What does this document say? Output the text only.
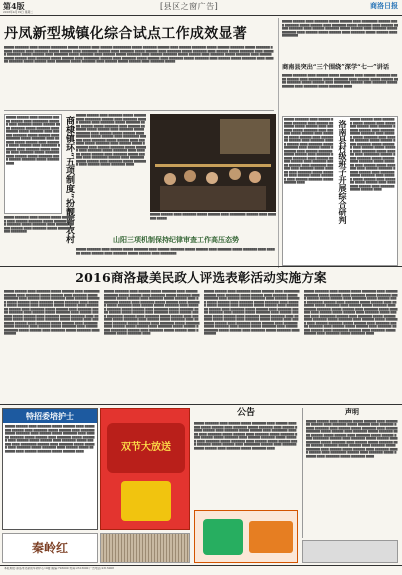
第4版
2016年4月19日 星期二
[县区之窗广告]	商洛日报
丹凤新型城镇化综合试点工作成效显著
▇▇▇▇▇ ▇▇▇▇▇▇▇ ▇▇▇▇ ▇▇▇▇▇▇ ▇▇▇▇▇▇▇▇ ▇▇▇▇▇ ▇▇▇▇▇▇ ▇▇▇▇ ▇▇▇▇▇▇ ▇▇▇▇▇▇▇▇▇ ▇▇▇▇▇ ▇▇▇▇▇▇▇ ▇▇▇▇▇▇ ▇▇▇▇ ▇▇▇▇▇▇ ▇▇▇▇▇▇▇ ▇▇▇▇▇ ▇▇▇▇▇▇ ▇▇▇▇▇▇▇ ▇▇▇▇▇ ▇▇▇▇▇▇▇ ▇▇▇▇▇ ▇▇▇▇▇▇ ▇▇▇▇ ▇▇▇▇▇▇▇ ▇▇▇▇▇ ▇▇▇▇▇▇ ▇▇▇▇ ▇▇▇▇▇▇▇▇ ▇▇▇▇▇▇ ▇▇▇▇ ▇▇▇▇▇▇▇ ▇▇▇▇▇ ▇▇▇▇▇▇ ▇▇▇▇ ▇▇▇▇▇▇▇ ▇▇▇▇▇ ▇▇▇▇▇▇▇ ▇▇▇▇ ▇▇▇▇▇▇ ▇▇▇▇▇ ▇▇▇▇▇▇▇ ▇▇▇▇ ▇▇▇▇▇▇ ▇▇▇▇▇▇▇ ▇▇▇▇▇ ▇▇▇▇▇▇ ▇▇▇▇ ▇▇▇▇▇▇▇ ▇▇▇▇▇ ▇▇▇▇▇▇▇ ▇▇▇▇ ▇▇▇▇▇▇ ▇▇▇▇▇ ▇▇▇▇▇▇▇ ▇▇▇▇ ▇▇▇▇▇▇ ▇▇▇▇▇▇▇ ▇▇▇▇▇ ▇▇▇▇▇▇ ▇▇▇▇ ▇▇▇▇▇▇▇ ▇▇▇▇▇ ▇▇▇▇▇▇▇ ▇▇▇▇ ▇▇▇▇▇▇ ▇▇▇▇▇ ▇▇▇▇▇▇ ▇▇▇▇ ▇▇▇▇▇▇▇ ▇▇▇▇▇ ▇▇▇▇▇▇ ▇▇▇▇ ▇▇▇▇▇▇▇▇ ▇▇▇▇▇▇ ▇▇▇▇ ▇▇▇▇▇▇▇ ▇▇▇▇▇ ▇▇▇▇▇▇ ▇▇▇▇ ▇▇▇▇▇▇▇ ▇▇▇▇▇ ▇▇▇▇▇▇▇ ▇▇▇▇ ▇▇▇▇▇▇ ▇▇▇▇▇ ▇▇▇▇▇▇▇ ▇▇▇▇ ▇▇▇▇▇▇ ▇▇▇▇▇▇▇ ▇▇▇▇▇ ▇▇▇▇▇▇ ▇▇▇▇ ▇▇▇▇▇▇▇ ▇▇▇▇▇ ▇▇▇▇▇▇▇ ▇▇▇▇ ▇▇▇▇▇▇ ▇▇▇▇▇ ▇▇▇▇▇▇ ▇▇▇▇ ▇▇▇▇▇▇▇ ▇▇▇▇▇
▇▇▇▇▇ ▇▇▇▇▇▇ ▇▇▇▇ ▇▇▇▇▇▇▇ ▇▇▇▇▇ ▇▇▇▇▇▇ ▇▇▇▇ ▇▇▇▇▇▇▇▇ ▇▇▇▇▇▇ ▇▇▇▇ ▇▇▇▇▇▇▇ ▇▇▇▇▇ ▇▇▇▇▇▇ ▇▇▇▇ ▇▇▇▇▇▇▇ ▇▇▇▇▇ ▇▇▇▇▇▇▇ ▇▇▇▇ ▇▇▇▇▇▇ ▇▇▇▇▇ ▇▇▇▇▇▇▇ ▇▇▇▇ ▇▇▇▇▇▇ ▇▇▇▇▇▇▇ ▇▇▇▇▇ ▇▇▇▇▇▇ ▇▇▇▇ ▇▇▇▇▇▇▇ ▇▇▇▇▇ ▇▇▇▇▇▇▇ ▇▇▇▇ ▇▇▇▇▇▇ ▇▇▇▇▇ ▇▇▇▇▇▇ ▇▇▇▇ ▇▇▇▇▇▇▇ ▇▇▇▇▇ ▇▇▇▇▇▇ ▇▇▇▇ ▇▇▇▇▇▇▇▇
商南县突出“三个围绕”深学“七一”讲话
▇▇▇▇▇ ▇▇▇▇▇▇▇ ▇▇▇▇ ▇▇▇▇▇▇ ▇▇▇▇▇ ▇▇▇▇▇▇▇ ▇▇▇▇ ▇▇▇▇▇▇ ▇▇▇▇▇▇▇ ▇▇▇▇▇ ▇▇▇▇▇▇ ▇▇▇▇ ▇▇▇▇▇▇▇ ▇▇▇▇▇ ▇▇▇▇▇▇▇ ▇▇▇▇ ▇▇▇▇▇▇ ▇▇▇▇▇ ▇▇▇▇▇▇ ▇▇▇▇ ▇▇▇▇▇▇▇ ▇▇▇▇▇ ▇▇▇▇▇▇ ▇▇▇▇ ▇▇▇▇▇▇▇▇ ▇▇▇▇▇▇ ▇▇▇▇ ▇▇▇▇▇▇▇ ▇▇▇▇▇ ▇▇▇▇▇▇ ▇▇▇▇ ▇▇▇▇▇▇▇ ▇▇▇▇▇ ▇▇▇▇▇▇▇ ▇▇▇▇
商棣镇环“五项制度”扮靓新农村
▇▇▇▇▇ ▇▇▇▇▇▇ ▇▇▇▇ ▇▇▇▇▇▇▇ ▇▇▇▇▇ ▇▇▇▇▇▇ ▇▇▇▇ ▇▇▇▇▇▇▇▇ ▇▇▇▇▇▇ ▇▇▇▇ ▇▇▇▇▇▇▇ ▇▇▇▇▇ ▇▇▇▇▇▇ ▇▇▇▇ ▇▇▇▇▇▇▇ ▇▇▇▇▇ ▇▇▇▇▇▇▇ ▇▇▇▇ ▇▇▇▇▇▇ ▇▇▇▇▇ ▇▇▇▇▇▇▇ ▇▇▇▇ ▇▇▇▇▇▇ ▇▇▇▇▇▇▇ ▇▇▇▇▇ ▇▇▇▇▇▇ ▇▇▇▇ ▇▇▇▇▇▇▇ ▇▇▇▇▇ ▇▇▇▇▇▇▇ ▇▇▇▇ ▇▇▇▇▇▇ ▇▇▇▇▇ ▇▇▇▇▇▇ ▇▇▇▇ ▇▇▇▇▇▇▇ ▇▇▇▇▇ ▇▇▇▇▇▇ ▇▇▇▇ ▇▇▇▇▇▇▇▇ ▇▇▇▇▇▇ ▇▇▇▇ ▇▇▇▇▇▇▇ ▇▇▇▇▇ ▇▇▇▇▇▇ ▇▇▇▇ ▇▇▇▇▇▇▇ ▇▇▇▇▇ ▇▇▇▇▇▇▇ ▇▇▇▇ ▇▇▇▇▇▇ ▇▇▇▇▇ ▇▇▇▇▇▇▇ ▇▇▇▇ ▇▇▇▇▇▇ ▇▇▇▇▇▇▇ ▇▇▇▇▇ ▇▇▇▇▇▇ ▇▇▇▇
▇▇▇▇▇ ▇▇▇▇▇▇▇ ▇▇▇▇ ▇▇▇▇▇▇ ▇▇▇▇▇ ▇▇▇▇▇▇▇ ▇▇▇▇ ▇▇▇▇▇▇ ▇▇▇▇▇▇▇ ▇▇▇▇▇ ▇▇▇▇▇▇ ▇▇▇▇ ▇▇▇▇▇▇▇ ▇▇▇▇▇ ▇▇▇▇▇▇▇ ▇▇▇▇ ▇▇▇▇▇▇ ▇▇▇▇▇ ▇▇▇▇▇▇ ▇▇▇▇ ▇▇▇▇▇▇▇ ▇▇▇▇▇ ▇▇▇▇▇▇ ▇▇▇▇ ▇▇▇▇▇▇▇▇
▇▇▇▇▇ ▇▇▇▇▇▇ ▇▇▇▇ ▇▇▇▇▇▇▇ ▇▇▇▇▇ ▇▇▇▇▇▇ ▇▇▇▇ ▇▇▇▇▇▇▇▇ ▇▇▇▇▇▇ ▇▇▇▇ ▇▇▇▇▇▇▇ ▇▇▇▇▇ ▇▇▇▇▇▇ ▇▇▇▇ ▇▇▇▇▇▇▇ ▇▇▇▇▇ ▇▇▇▇▇▇▇ ▇▇▇▇ ▇▇▇▇▇▇ ▇▇▇▇▇ ▇▇▇▇▇▇▇ ▇▇▇▇ ▇▇▇▇▇▇ ▇▇▇▇▇▇▇ ▇▇▇▇▇ ▇▇▇▇▇▇ ▇▇▇▇ ▇▇▇▇▇▇▇ ▇▇▇▇▇ ▇▇▇▇▇▇▇ ▇▇▇▇ ▇▇▇▇▇▇ ▇▇▇▇▇ ▇▇▇▇▇▇ ▇▇▇▇ ▇▇▇▇▇▇▇ ▇▇▇▇▇ ▇▇▇▇▇▇ ▇▇▇▇ ▇▇▇▇▇▇▇▇ ▇▇▇▇▇▇ ▇▇▇▇ ▇▇▇▇▇▇▇ ▇▇▇▇▇ ▇▇▇▇▇▇ ▇▇▇▇ ▇▇▇▇▇▇▇ ▇▇▇▇▇ ▇▇▇▇▇▇▇ ▇▇▇▇ ▇▇▇▇▇▇ ▇▇▇▇▇ ▇▇▇▇▇▇▇ ▇▇▇▇ ▇▇▇▇▇▇ ▇▇▇▇▇▇▇ ▇▇▇▇▇ ▇▇▇▇▇▇ ▇▇▇▇ ▇▇▇▇▇▇▇ ▇▇▇▇▇ ▇▇▇▇▇▇▇ ▇▇▇▇ ▇▇▇▇▇▇ ▇▇▇▇▇ ▇▇▇▇▇▇ ▇▇▇▇ ▇▇▇▇▇▇▇ ▇▇▇▇▇ ▇▇▇▇▇▇ ▇▇▇▇ ▇▇▇▇▇▇▇▇ ▇▇▇▇▇▇ ▇▇▇▇ ▇▇▇▇▇▇▇ ▇▇▇▇▇ ▇▇▇▇▇▇ ▇▇▇▇ ▇▇▇▇▇▇▇ ▇▇▇▇▇ ▇▇▇▇▇▇▇ ▇▇▇▇ ▇▇▇▇▇▇ ▇▇▇▇▇ ▇▇▇▇▇▇▇ ▇▇▇▇
▇▇▇▇▇ ▇▇▇▇▇▇ ▇▇▇▇ ▇▇▇▇▇▇▇ ▇▇▇▇▇ ▇▇▇▇▇▇ ▇▇▇▇ ▇▇▇▇▇▇▇▇ ▇▇▇▇▇▇ ▇▇▇▇ ▇▇▇▇▇▇▇ ▇▇▇▇▇
▇▇▇▇▇ ▇▇▇▇▇▇▇ ▇▇▇▇ ▇▇▇▇▇▇ ▇▇▇▇▇ ▇▇▇▇▇▇▇ ▇▇▇▇ ▇▇▇▇▇▇ ▇▇▇▇▇▇▇ ▇▇▇▇▇ ▇▇▇▇▇▇ ▇▇▇▇ ▇▇▇▇▇▇▇ ▇▇▇▇▇ ▇▇▇▇▇▇▇ ▇▇▇▇ ▇▇▇▇▇▇ ▇▇▇▇▇ ▇▇▇▇▇▇ ▇▇▇▇ ▇▇▇▇▇▇▇ ▇▇▇▇▇ ▇▇▇▇▇▇ ▇▇▇▇ ▇▇▇▇▇▇▇▇ ▇▇▇▇▇▇ ▇▇▇▇ ▇▇▇▇▇▇▇ ▇▇▇▇▇ ▇▇▇▇▇▇ ▇▇▇▇ ▇▇▇▇▇▇▇ ▇▇▇▇▇ ▇▇▇▇▇▇▇ ▇▇▇▇ ▇▇▇▇▇▇ ▇▇▇▇▇ ▇▇▇▇▇▇▇ ▇▇▇▇ ▇▇▇▇▇▇ ▇▇▇▇▇▇▇ ▇▇▇▇▇ ▇▇▇▇▇▇ ▇▇▇▇ ▇▇▇▇▇▇▇ ▇▇▇▇▇ ▇▇▇▇▇▇▇ ▇▇▇▇ ▇▇▇▇▇▇ ▇▇▇▇▇ ▇▇▇▇▇▇ ▇▇▇▇ ▇▇▇▇▇▇▇ ▇▇▇▇▇ ▇▇▇▇▇▇ ▇▇▇▇ ▇▇▇▇▇▇▇▇ ▇▇▇▇▇▇ ▇▇▇▇ ▇▇▇▇▇▇▇ ▇▇▇▇▇ ▇▇▇▇▇▇ ▇▇▇▇ ▇▇▇▇▇▇▇ ▇▇▇▇▇ ▇▇▇▇▇▇▇ ▇▇▇▇ ▇▇▇▇▇▇ ▇▇▇▇▇ ▇▇▇▇▇▇▇ ▇▇▇▇ ▇▇▇▇▇▇ ▇▇▇▇▇▇▇ ▇▇▇▇▇ ▇▇▇▇▇▇ ▇▇▇▇	洛南县村级班子开展综合研判
▇▇▇▇▇ ▇▇▇▇▇▇ ▇▇▇▇ ▇▇▇▇▇▇▇ ▇▇▇▇▇ ▇▇▇▇▇▇ ▇▇▇▇ ▇▇▇▇▇▇▇▇ ▇▇▇▇▇▇ ▇▇▇▇ ▇▇▇▇▇▇▇ ▇▇▇▇▇ ▇▇▇▇▇▇ ▇▇▇▇ ▇▇▇▇▇▇▇ ▇▇▇▇▇ ▇▇▇▇▇▇▇ ▇▇▇▇ ▇▇▇▇▇▇ ▇▇▇▇▇ ▇▇▇▇▇▇▇ ▇▇▇▇ ▇▇▇▇▇▇ ▇▇▇▇▇▇▇ ▇▇▇▇▇ ▇▇▇▇▇▇ ▇▇▇▇ ▇▇▇▇▇▇▇ ▇▇▇▇▇ ▇▇▇▇▇▇▇ ▇▇▇▇ ▇▇▇▇▇▇ ▇▇▇▇▇ ▇▇▇▇▇▇ ▇▇▇▇ ▇▇▇▇▇▇▇ ▇▇▇▇▇ ▇▇▇▇▇▇ ▇▇▇▇ ▇▇▇▇▇▇▇▇ ▇▇▇▇▇▇ ▇▇▇▇ ▇▇▇▇▇▇▇ ▇▇▇▇▇ ▇▇▇▇▇▇ ▇▇▇▇ ▇▇▇▇▇▇▇ ▇▇▇▇▇ ▇▇▇▇▇▇▇ ▇▇▇▇ ▇▇▇▇▇▇ ▇▇▇▇▇ ▇▇▇▇▇▇▇ ▇▇▇▇ ▇▇▇▇▇▇ ▇▇▇▇▇▇▇ ▇▇▇▇▇ ▇▇▇▇▇▇ ▇▇▇▇ ▇▇▇▇▇▇▇ ▇▇▇▇▇ ▇▇▇▇▇▇▇ ▇▇▇▇ ▇▇▇▇▇▇ ▇▇▇▇▇ ▇▇▇▇▇▇ ▇▇▇▇ ▇▇▇▇▇▇▇ ▇▇▇▇▇ ▇▇▇▇▇▇ ▇▇▇▇ ▇▇▇▇▇▇▇▇ ▇▇▇▇▇▇ ▇▇▇▇ ▇▇▇▇▇▇▇ ▇▇▇▇▇ ▇▇▇▇▇▇ ▇▇▇▇
山阳三项机制保持纪律审查工作高压态势
▇▇▇▇▇ ▇▇▇▇▇▇▇ ▇▇▇▇ ▇▇▇▇▇▇ ▇▇▇▇▇ ▇▇▇▇▇▇▇ ▇▇▇▇ ▇▇▇▇▇▇ ▇▇▇▇▇▇▇ ▇▇▇▇▇ ▇▇▇▇▇▇ ▇▇▇▇ ▇▇▇▇▇▇▇ ▇▇▇▇▇ ▇▇▇▇▇▇▇ ▇▇▇▇ ▇▇▇▇▇▇ ▇▇▇▇▇ ▇▇▇▇▇▇ ▇▇▇▇ ▇▇▇▇▇▇▇ ▇▇▇▇▇ ▇▇▇▇▇▇ ▇▇▇▇ ▇▇▇▇▇▇▇▇
2016商洛最美民政人评选表彰活动实施方案
▇▇▇▇▇ ▇▇▇▇▇▇ ▇▇▇▇ ▇▇▇▇▇▇▇ ▇▇▇▇▇ ▇▇▇▇▇▇ ▇▇▇▇ ▇▇▇▇▇▇▇▇ ▇▇▇▇▇▇ ▇▇▇▇ ▇▇▇▇▇▇▇ ▇▇▇▇▇ ▇▇▇▇▇▇ ▇▇▇▇ ▇▇▇▇▇▇▇ ▇▇▇▇▇ ▇▇▇▇▇▇▇ ▇▇▇▇ ▇▇▇▇▇▇ ▇▇▇▇▇ ▇▇▇▇▇▇▇ ▇▇▇▇ ▇▇▇▇▇▇ ▇▇▇▇▇▇▇ ▇▇▇▇▇ ▇▇▇▇▇▇ ▇▇▇▇ ▇▇▇▇▇▇▇ ▇▇▇▇▇ ▇▇▇▇▇▇▇ ▇▇▇▇ ▇▇▇▇▇▇ ▇▇▇▇▇ ▇▇▇▇▇▇ ▇▇▇▇ ▇▇▇▇▇▇▇ ▇▇▇▇▇ ▇▇▇▇▇▇ ▇▇▇▇ ▇▇▇▇▇▇▇▇ ▇▇▇▇▇▇ ▇▇▇▇ ▇▇▇▇▇▇▇ ▇▇▇▇▇ ▇▇▇▇▇▇ ▇▇▇▇ ▇▇▇▇▇▇▇ ▇▇▇▇▇ ▇▇▇▇▇▇▇ ▇▇▇▇ ▇▇▇▇▇▇ ▇▇▇▇▇ ▇▇▇▇▇▇▇ ▇▇▇▇ ▇▇▇▇▇▇ ▇▇▇▇▇▇▇ ▇▇▇▇▇ ▇▇▇▇▇▇ ▇▇▇▇ ▇▇▇▇▇▇▇ ▇▇▇▇▇ ▇▇▇▇▇▇▇ ▇▇▇▇ ▇▇▇▇▇▇ ▇▇▇▇▇ ▇▇▇▇▇▇ ▇▇▇▇ ▇▇▇▇▇▇▇ ▇▇▇▇▇ ▇▇▇▇▇▇ ▇▇▇▇ ▇▇▇▇▇▇▇▇ ▇▇▇▇▇▇ ▇▇▇▇ ▇▇▇▇▇▇▇ ▇▇▇▇▇ ▇▇▇▇▇▇ ▇▇▇▇ ▇▇▇▇▇▇▇ ▇▇▇▇▇ ▇▇▇▇▇▇▇ ▇▇▇▇ ▇▇▇▇▇▇ ▇▇▇▇▇ ▇▇▇▇▇▇▇ ▇▇▇▇ ▇▇▇▇▇▇ ▇▇▇▇▇▇▇ ▇▇▇▇▇ ▇▇▇▇▇▇ ▇▇▇▇ ▇▇▇▇▇▇▇ ▇▇▇▇▇ ▇▇▇▇▇▇▇ ▇▇▇▇ ▇▇▇▇▇▇
▇▇▇▇▇ ▇▇▇▇▇▇▇ ▇▇▇▇ ▇▇▇▇▇▇ ▇▇▇▇▇ ▇▇▇▇▇▇▇ ▇▇▇▇ ▇▇▇▇▇▇ ▇▇▇▇▇▇▇ ▇▇▇▇▇ ▇▇▇▇▇▇ ▇▇▇▇ ▇▇▇▇▇▇▇ ▇▇▇▇▇ ▇▇▇▇▇▇▇ ▇▇▇▇ ▇▇▇▇▇▇ ▇▇▇▇▇ ▇▇▇▇▇▇ ▇▇▇▇ ▇▇▇▇▇▇▇ ▇▇▇▇▇ ▇▇▇▇▇▇ ▇▇▇▇ ▇▇▇▇▇▇▇▇ ▇▇▇▇▇▇ ▇▇▇▇ ▇▇▇▇▇▇▇ ▇▇▇▇▇ ▇▇▇▇▇▇ ▇▇▇▇ ▇▇▇▇▇▇▇ ▇▇▇▇▇ ▇▇▇▇▇▇▇ ▇▇▇▇ ▇▇▇▇▇▇ ▇▇▇▇▇ ▇▇▇▇▇▇▇ ▇▇▇▇ ▇▇▇▇▇▇ ▇▇▇▇▇▇▇ ▇▇▇▇▇ ▇▇▇▇▇▇ ▇▇▇▇ ▇▇▇▇▇▇▇ ▇▇▇▇▇ ▇▇▇▇▇▇▇ ▇▇▇▇ ▇▇▇▇▇▇ ▇▇▇▇▇ ▇▇▇▇▇▇ ▇▇▇▇ ▇▇▇▇▇▇▇ ▇▇▇▇▇ ▇▇▇▇▇▇ ▇▇▇▇ ▇▇▇▇▇▇▇▇ ▇▇▇▇▇▇ ▇▇▇▇ ▇▇▇▇▇▇▇ ▇▇▇▇▇ ▇▇▇▇▇▇ ▇▇▇▇ ▇▇▇▇▇▇▇ ▇▇▇▇▇ ▇▇▇▇▇▇▇ ▇▇▇▇ ▇▇▇▇▇▇ ▇▇▇▇▇ ▇▇▇▇▇▇▇ ▇▇▇▇ ▇▇▇▇▇▇ ▇▇▇▇▇▇▇ ▇▇▇▇▇ ▇▇▇▇▇▇ ▇▇▇▇ ▇▇▇▇▇▇▇ ▇▇▇▇▇ ▇▇▇▇▇▇▇ ▇▇▇▇ ▇▇▇▇▇▇ ▇▇▇▇▇ ▇▇▇▇▇▇ ▇▇▇▇ ▇▇▇▇▇▇▇ ▇▇▇▇▇ ▇▇▇▇▇▇ ▇▇▇▇ ▇▇▇▇▇▇▇▇ ▇▇▇▇▇▇ ▇▇▇▇ ▇▇▇▇▇▇▇ ▇▇▇▇▇ ▇▇▇▇▇▇ ▇▇▇▇ ▇▇▇▇▇▇▇ ▇▇▇▇▇ ▇▇▇▇▇▇▇ ▇▇▇▇
▇▇▇▇▇ ▇▇▇▇▇▇ ▇▇▇▇ ▇▇▇▇▇▇▇ ▇▇▇▇▇ ▇▇▇▇▇▇ ▇▇▇▇ ▇▇▇▇▇▇▇▇ ▇▇▇▇▇▇ ▇▇▇▇ ▇▇▇▇▇▇▇ ▇▇▇▇▇ ▇▇▇▇▇▇ ▇▇▇▇ ▇▇▇▇▇▇▇ ▇▇▇▇▇ ▇▇▇▇▇▇▇ ▇▇▇▇ ▇▇▇▇▇▇ ▇▇▇▇▇ ▇▇▇▇▇▇▇ ▇▇▇▇ ▇▇▇▇▇▇ ▇▇▇▇▇▇▇ ▇▇▇▇▇ ▇▇▇▇▇▇ ▇▇▇▇ ▇▇▇▇▇▇▇ ▇▇▇▇▇ ▇▇▇▇▇▇▇ ▇▇▇▇ ▇▇▇▇▇▇ ▇▇▇▇▇ ▇▇▇▇▇▇ ▇▇▇▇ ▇▇▇▇▇▇▇ ▇▇▇▇▇ ▇▇▇▇▇▇ ▇▇▇▇ ▇▇▇▇▇▇▇▇ ▇▇▇▇▇▇ ▇▇▇▇ ▇▇▇▇▇▇▇ ▇▇▇▇▇ ▇▇▇▇▇▇ ▇▇▇▇ ▇▇▇▇▇▇▇ ▇▇▇▇▇ ▇▇▇▇▇▇▇ ▇▇▇▇ ▇▇▇▇▇▇ ▇▇▇▇▇ ▇▇▇▇▇▇▇ ▇▇▇▇ ▇▇▇▇▇▇ ▇▇▇▇▇▇▇ ▇▇▇▇▇ ▇▇▇▇▇▇ ▇▇▇▇ ▇▇▇▇▇▇▇ ▇▇▇▇▇ ▇▇▇▇▇▇▇ ▇▇▇▇ ▇▇▇▇▇▇ ▇▇▇▇▇ ▇▇▇▇▇▇ ▇▇▇▇ ▇▇▇▇▇▇▇ ▇▇▇▇▇ ▇▇▇▇▇▇ ▇▇▇▇ ▇▇▇▇▇▇▇▇ ▇▇▇▇▇▇ ▇▇▇▇ ▇▇▇▇▇▇▇ ▇▇▇▇▇ ▇▇▇▇▇▇ ▇▇▇▇ ▇▇▇▇▇▇▇ ▇▇▇▇▇ ▇▇▇▇▇▇▇ ▇▇▇▇ ▇▇▇▇▇▇ ▇▇▇▇▇ ▇▇▇▇▇▇▇ ▇▇▇▇ ▇▇▇▇▇▇ ▇▇▇▇▇▇▇ ▇▇▇▇▇ ▇▇▇▇▇▇ ▇▇▇▇ ▇▇▇▇▇▇▇ ▇▇▇▇▇ ▇▇▇▇▇▇▇ ▇▇▇▇ ▇▇▇▇▇▇
▇▇▇▇▇ ▇▇▇▇▇▇▇ ▇▇▇▇ ▇▇▇▇▇▇ ▇▇▇▇▇ ▇▇▇▇▇▇▇ ▇▇▇▇ ▇▇▇▇▇▇ ▇▇▇▇▇▇▇ ▇▇▇▇▇ ▇▇▇▇▇▇ ▇▇▇▇ ▇▇▇▇▇▇▇ ▇▇▇▇▇ ▇▇▇▇▇▇▇ ▇▇▇▇ ▇▇▇▇▇▇ ▇▇▇▇▇ ▇▇▇▇▇▇ ▇▇▇▇ ▇▇▇▇▇▇▇ ▇▇▇▇▇ ▇▇▇▇▇▇ ▇▇▇▇ ▇▇▇▇▇▇▇▇ ▇▇▇▇▇▇ ▇▇▇▇ ▇▇▇▇▇▇▇ ▇▇▇▇▇ ▇▇▇▇▇▇ ▇▇▇▇ ▇▇▇▇▇▇▇ ▇▇▇▇▇ ▇▇▇▇▇▇▇ ▇▇▇▇ ▇▇▇▇▇▇ ▇▇▇▇▇ ▇▇▇▇▇▇▇ ▇▇▇▇ ▇▇▇▇▇▇ ▇▇▇▇▇▇▇ ▇▇▇▇▇ ▇▇▇▇▇▇ ▇▇▇▇ ▇▇▇▇▇▇▇ ▇▇▇▇▇ ▇▇▇▇▇▇▇ ▇▇▇▇ ▇▇▇▇▇▇ ▇▇▇▇▇ ▇▇▇▇▇▇ ▇▇▇▇ ▇▇▇▇▇▇▇ ▇▇▇▇▇ ▇▇▇▇▇▇ ▇▇▇▇ ▇▇▇▇▇▇▇▇ ▇▇▇▇▇▇ ▇▇▇▇ ▇▇▇▇▇▇▇ ▇▇▇▇▇ ▇▇▇▇▇▇ ▇▇▇▇ ▇▇▇▇▇▇▇ ▇▇▇▇▇ ▇▇▇▇▇▇▇ ▇▇▇▇ ▇▇▇▇▇▇ ▇▇▇▇▇ ▇▇▇▇▇▇▇ ▇▇▇▇ ▇▇▇▇▇▇ ▇▇▇▇▇▇▇ ▇▇▇▇▇ ▇▇▇▇▇▇ ▇▇▇▇ ▇▇▇▇▇▇▇ ▇▇▇▇▇ ▇▇▇▇▇▇▇ ▇▇▇▇ ▇▇▇▇▇▇ ▇▇▇▇▇ ▇▇▇▇▇▇ ▇▇▇▇ ▇▇▇▇▇▇▇ ▇▇▇▇▇ ▇▇▇▇▇▇ ▇▇▇▇ ▇▇▇▇▇▇▇▇ ▇▇▇▇▇▇ ▇▇▇▇ ▇▇▇▇▇▇▇ ▇▇▇▇▇ ▇▇▇▇▇▇ ▇▇▇▇ ▇▇▇▇▇▇▇ ▇▇▇▇▇ ▇▇▇▇▇▇▇ ▇▇▇▇
特招委培护士
▇▇▇▇▇ ▇▇▇▇▇▇ ▇▇▇▇ ▇▇▇▇▇▇▇ ▇▇▇▇▇ ▇▇▇▇▇▇ ▇▇▇▇ ▇▇▇▇▇▇▇▇ ▇▇▇▇▇▇ ▇▇▇▇ ▇▇▇▇▇▇▇ ▇▇▇▇▇ ▇▇▇▇▇▇ ▇▇▇▇ ▇▇▇▇▇▇▇ ▇▇▇▇▇ ▇▇▇▇▇▇▇ ▇▇▇▇ ▇▇▇▇▇▇ ▇▇▇▇▇ ▇▇▇▇▇▇▇ ▇▇▇▇ ▇▇▇▇▇▇ ▇▇▇▇▇▇▇ ▇▇▇▇▇ ▇▇▇▇▇▇ ▇▇▇▇ ▇▇▇▇▇▇▇ ▇▇▇▇▇ ▇▇▇▇▇▇▇ ▇▇▇▇ ▇▇▇▇▇▇ ▇▇▇▇▇ ▇▇▇▇▇▇ ▇▇▇▇ ▇▇▇▇▇▇▇ ▇▇▇▇▇ ▇▇▇▇▇▇ ▇▇▇▇ ▇▇▇▇▇▇▇▇ ▇▇▇▇▇▇ ▇▇▇▇ ▇▇▇▇▇▇▇ ▇▇▇▇▇ ▇▇▇▇▇▇ ▇▇▇▇ ▇▇▇▇▇▇▇ ▇▇▇▇▇ ▇▇▇▇▇▇▇ ▇▇▇▇ ▇▇▇▇▇▇ ▇▇▇▇▇ ▇▇▇▇▇▇▇ ▇▇▇▇ ▇▇▇▇▇▇ ▇▇▇▇▇▇▇ ▇▇▇▇▇ ▇▇▇▇▇▇ ▇▇▇▇	双节大放送
公告
▇▇▇▇▇ ▇▇▇▇▇▇▇ ▇▇▇▇ ▇▇▇▇▇▇ ▇▇▇▇▇ ▇▇▇▇▇▇▇ ▇▇▇▇ ▇▇▇▇▇▇ ▇▇▇▇▇▇▇ ▇▇▇▇▇ ▇▇▇▇▇▇ ▇▇▇▇ ▇▇▇▇▇▇▇ ▇▇▇▇▇ ▇▇▇▇▇▇▇ ▇▇▇▇ ▇▇▇▇▇▇ ▇▇▇▇▇ ▇▇▇▇▇▇ ▇▇▇▇ ▇▇▇▇▇▇▇ ▇▇▇▇▇ ▇▇▇▇▇▇ ▇▇▇▇ ▇▇▇▇▇▇▇▇ ▇▇▇▇▇▇ ▇▇▇▇ ▇▇▇▇▇▇▇ ▇▇▇▇▇ ▇▇▇▇▇▇ ▇▇▇▇ ▇▇▇▇▇▇▇ ▇▇▇▇▇ ▇▇▇▇▇▇▇ ▇▇▇▇ ▇▇▇▇▇▇ ▇▇▇▇▇ ▇▇▇▇▇▇▇ ▇▇▇▇ ▇▇▇▇▇▇ ▇▇▇▇▇▇▇ ▇▇▇▇▇ ▇▇▇▇▇▇ ▇▇▇▇ ▇▇▇▇▇▇▇ ▇▇▇▇▇ ▇▇▇▇▇▇▇ ▇▇▇▇ ▇▇▇▇▇▇ ▇▇▇▇▇ ▇▇▇▇▇▇ ▇▇▇▇ ▇▇▇▇▇▇▇ ▇▇▇▇▇ ▇▇▇▇▇▇ ▇▇▇▇ ▇▇▇▇▇▇▇▇ ▇▇▇▇▇▇ ▇▇▇▇ ▇▇▇▇▇▇▇ ▇▇▇▇▇ ▇▇▇▇▇▇ ▇▇▇▇ ▇▇▇▇▇▇▇ ▇▇▇▇▇ ▇▇▇▇▇▇▇ ▇▇▇▇
声明
▇▇▇▇▇ ▇▇▇▇▇▇ ▇▇▇▇ ▇▇▇▇▇▇▇ ▇▇▇▇▇ ▇▇▇▇▇▇ ▇▇▇▇ ▇▇▇▇▇▇▇▇ ▇▇▇▇▇▇ ▇▇▇▇ ▇▇▇▇▇▇▇ ▇▇▇▇▇ ▇▇▇▇▇▇ ▇▇▇▇ ▇▇▇▇▇▇▇ ▇▇▇▇▇ ▇▇▇▇▇▇▇ ▇▇▇▇ ▇▇▇▇▇▇ ▇▇▇▇▇ ▇▇▇▇▇▇▇ ▇▇▇▇ ▇▇▇▇▇▇ ▇▇▇▇▇▇▇ ▇▇▇▇▇ ▇▇▇▇▇▇ ▇▇▇▇ ▇▇▇▇▇▇▇ ▇▇▇▇▇ ▇▇▇▇▇▇▇ ▇▇▇▇ ▇▇▇▇▇▇ ▇▇▇▇▇ ▇▇▇▇▇▇ ▇▇▇▇ ▇▇▇▇▇▇▇ ▇▇▇▇▇ ▇▇▇▇▇▇ ▇▇▇▇ ▇▇▇▇▇▇▇▇ ▇▇▇▇▇▇ ▇▇▇▇ ▇▇▇▇▇▇▇ ▇▇▇▇▇ ▇▇▇▇▇▇ ▇▇▇▇ ▇▇▇▇▇▇▇ ▇▇▇▇▇ ▇▇▇▇▇▇▇ ▇▇▇▇ ▇▇▇▇▇▇ ▇▇▇▇▇ ▇▇▇▇▇▇▇ ▇▇▇▇ ▇▇▇▇▇▇ ▇▇▇▇▇▇▇ ▇▇▇▇▇ ▇▇▇▇▇▇ ▇▇▇▇ ▇▇▇▇▇▇▇ ▇▇▇▇▇ ▇▇▇▇▇▇▇ ▇▇▇▇ ▇▇▇▇▇▇ ▇▇▇▇▇ ▇▇▇▇▇▇ ▇▇▇▇ ▇▇▇▇▇▇▇ ▇▇▇▇▇ ▇▇▇▇▇▇ ▇▇▇▇ ▇▇▇▇▇▇▇▇ ▇▇▇▇▇▇ ▇▇▇▇ ▇▇▇▇▇▇▇ ▇▇▇▇▇ ▇▇▇▇▇▇ ▇▇▇▇ ▇▇▇▇▇▇▇ ▇▇▇▇▇ ▇▇▇▇▇▇▇ ▇▇▇▇
秦岭红
本报地址:商洛市北新街华尚中心19楼 邮编:726000 传真:2313000 广告电话:2313008
